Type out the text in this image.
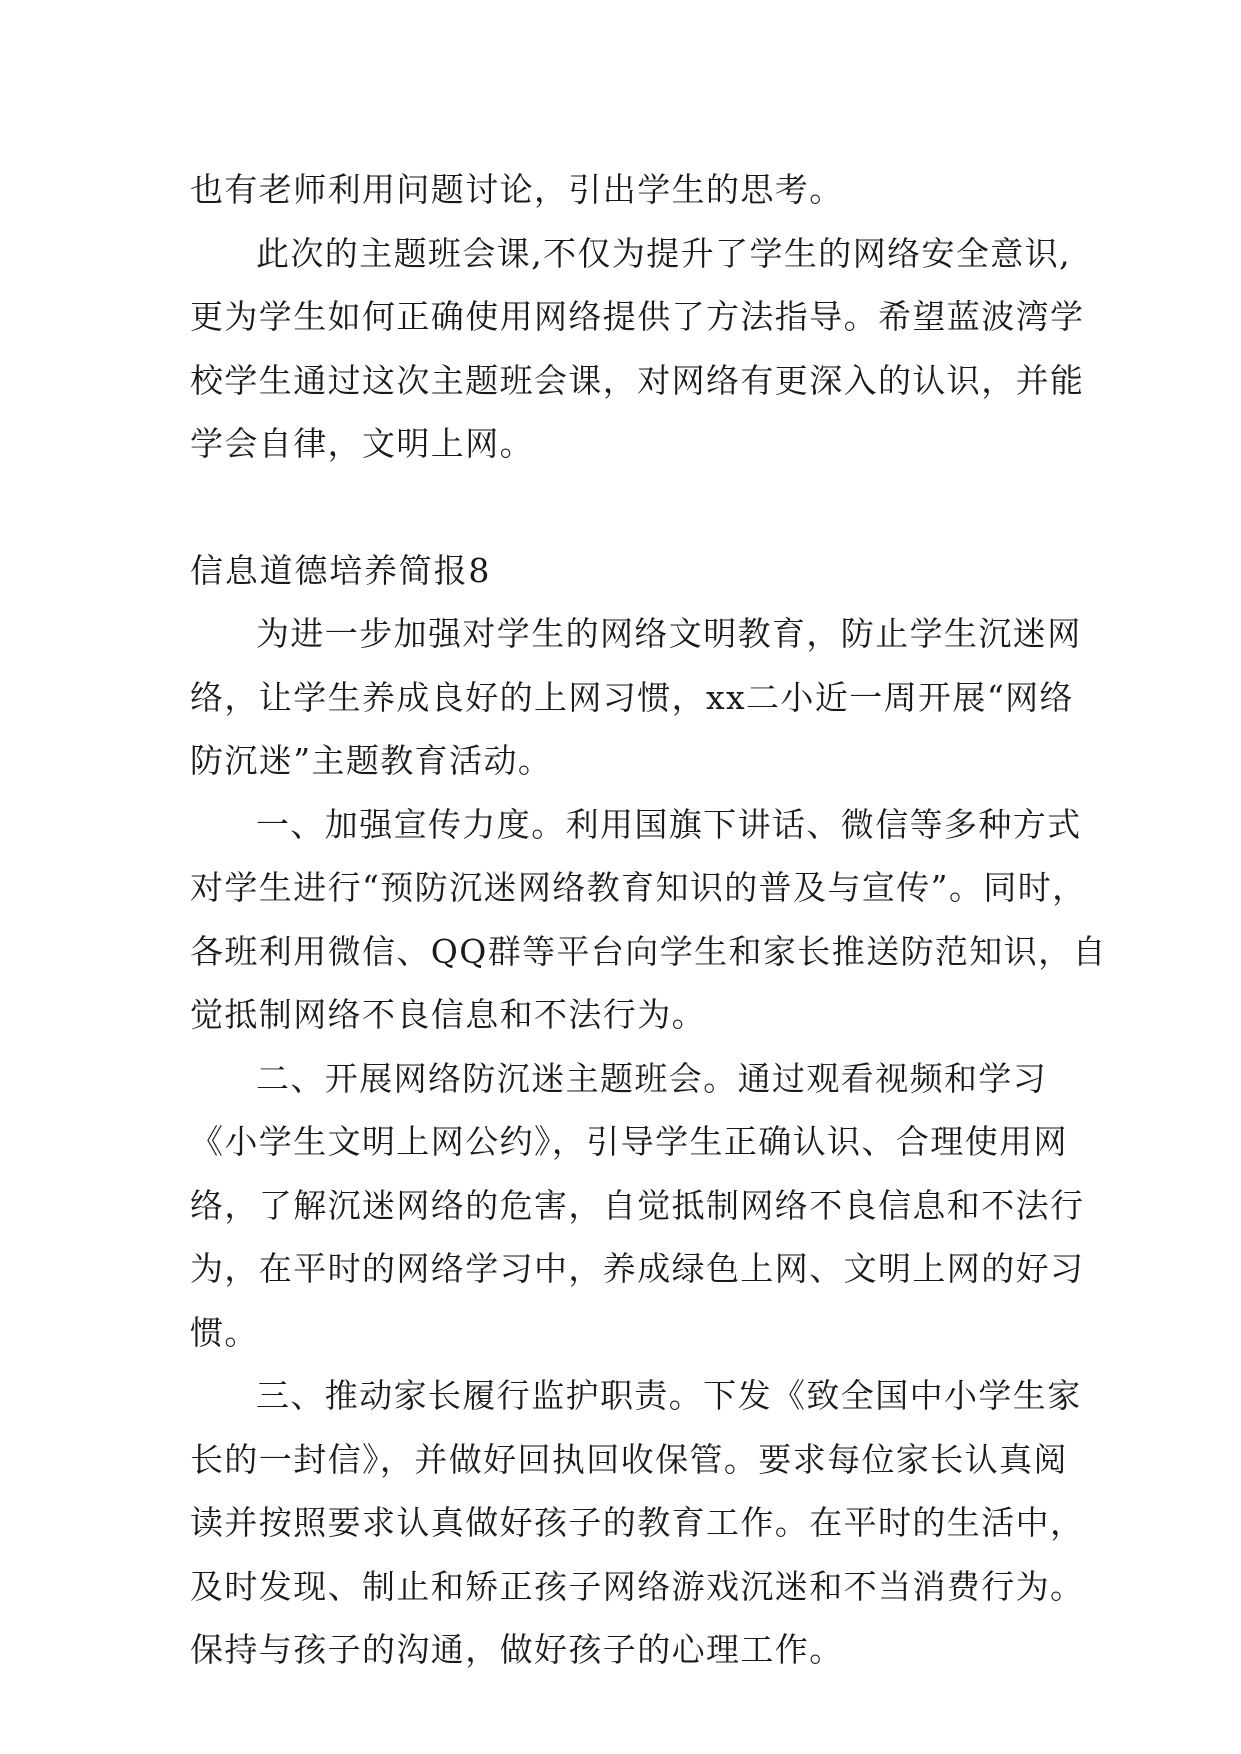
也有老师利用问题讨论，引出学生的思考。
此次的主题班会课,不仅为提升了学生的网络安全意识,
更为学生如何正确使用网络提供了方法指导。希望蓝波湾学
校学生通过这次主题班会课，对网络有更深入的认识，并能
学会自律，文明上网。
信息道德培养简报8
为进一步加强对学生的网络文明教育，防止学生沉迷网
络，让学生养成良好的上网习惯，xx二小近一周开展“网络
防沉迷”主题教育活动。
一、加强宣传力度。利用国旗下讲话、微信等多种方式
对学生进行“预防沉迷网络教育知识的普及与宣传”。同时，
各班利用微信、QQ群等平台向学生和家长推送防范知识，自
觉抵制网络不良信息和不法行为。
二、开展网络防沉迷主题班会。通过观看视频和学习
《小学生文明上网公约》，引导学生正确认识、合理使用网
络，了解沉迷网络的危害，自觉抵制网络不良信息和不法行
为，在平时的网络学习中，养成绿色上网、文明上网的好习
惯。
三、推动家长履行监护职责。下发《致全国中小学生家
长的一封信》，并做好回执回收保管。要求每位家长认真阅
读并按照要求认真做好孩子的教育工作。在平时的生活中，
及时发现、制止和矫正孩子网络游戏沉迷和不当消费行为。
保持与孩子的沟通，做好孩子的心理工作。
